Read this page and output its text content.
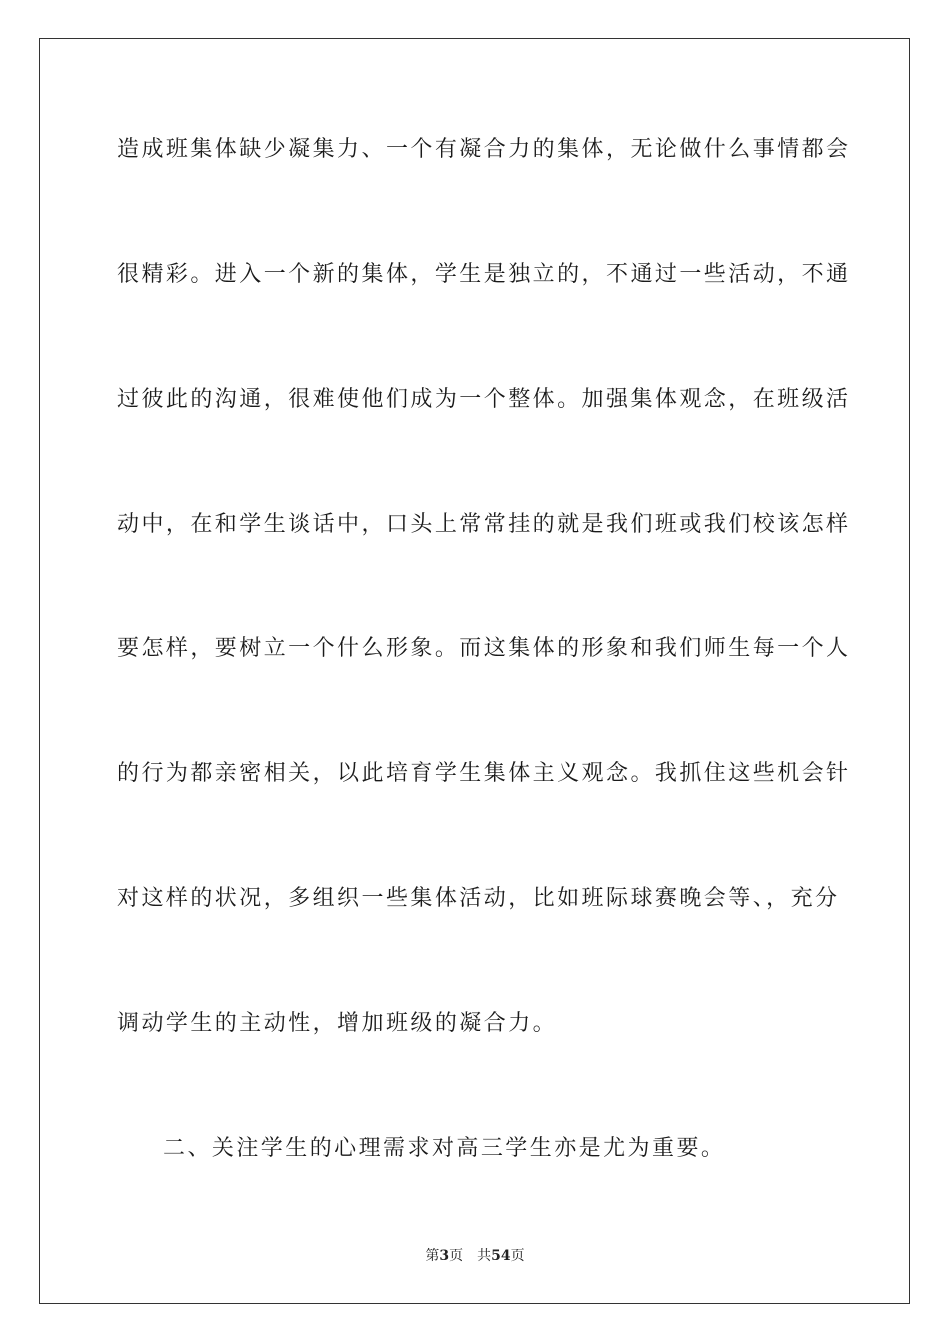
造成班集体缺少凝集力、一个有凝合力的集体，无论做什么事情都会
很精彩。进入一个新的集体，学生是独立的，不通过一些活动，不通
过彼此的沟通，很难使他们成为一个整体。加强集体观念，在班级活
动中，在和学生谈话中，口头上常常挂的就是我们班或我们校该怎样
要怎样，要树立一个什么形象。而这集体的形象和我们师生每一个人
的行为都亲密相关，以此培育学生集体主义观念。我抓住这些机会针
对这样的状况，多组织一些集体活动，比如班际球赛晚会等、，充分
调动学生的主动性，增加班级的凝合力。
二、关注学生的心理需求对高三学生亦是尤为重要。
第3页 共54页
